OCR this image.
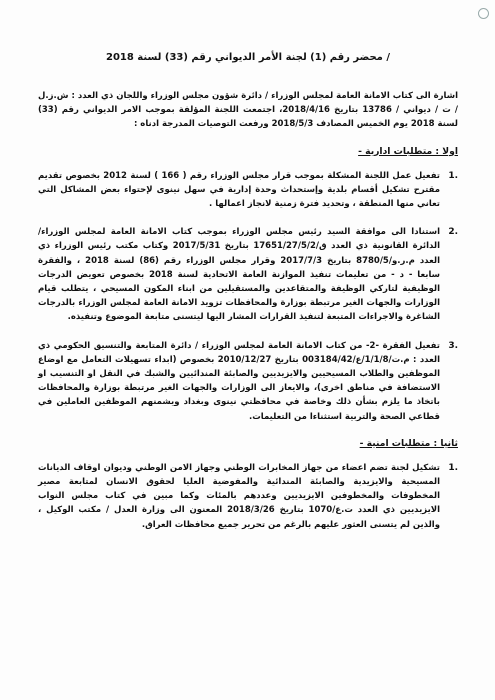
/ محضر رقم (1) لجنة الأمر الديواني رقم (33) لسنة 2018

اشارة الى كتاب الامانة العامة لمجلس الوزراء / دائرة شؤون مجلس الوزراء واللجان ذي العدد : ش.ز.ل / ت / ديواني / 13786 بتاريخ 2018/4/16، اجتمعت اللجنة المؤلفة بموجب الامر الديواني رقم (33) لسنة 2018 يوم الخميس المصادف 2018/5/3 ورفعت التوصيات المدرجة ادناه :

اولا : متطلبات ادارية -
.1

تفعيل عمل اللجنة المشكلة بموجب قرار مجلس الوزراء رقم ( 166 ) لسنة 2012 بخصوص تقديم مقترح تشكيل أقسام بلدية وإستحداث وحدة إدارية في سهل نينوى لإحتواء بعض المشاكل التي تعاني منها المنطقة ، وتحديد فترة زمنية لانجاز اعمالها .

.2

استنادا الى موافقة السيد رئيس مجلس الوزراء بموجب كتاب الامانة العامة لمجلس الوزراء/ الدائرة القانونية ذي العدد ق/17651/27/5/2 بتاريخ 2017/5/31 وكتاب مكتب رئيس الوزراء ذي العدد م.ر.و/8780/5 بتاريخ 2017/7/3 وقرار مجلس الوزراء رقم (86) لسنة 2018 ، والفقرة سابعا - د - من تعليمات تنفيذ الموازنة العامة الاتحادية لسنة 2018 بخصوص تعويض الدرجات الوظيفية لتاركي الوظيفة والمتقاعدين والمستقيلين من ابناء المكون المسيحي ، يتطلب قيام الوزارات والجهات الغير مرتبطة بوزارة والمحافظات تزويد الامانة العامة لمجلس الوزراء بالدرجات الشاغرة والاجراءات المتبعة لتنفيذ القرارات المشار اليها ليتسنى متابعة الموضوع وتنفيذه.

.3

تفعيل الفقرة -2- من كتاب الامانة العامة لمجلس الوزراء / دائرة المتابعة والتنسيق الحكومي ذي العدد : م.ت/1/1/8/ع/003184/42 بتاريخ 2010/12/27 بخصوص (ابداء تسهيلات التعامل مع اوضاع الموظفين والطلاب المسيحيين والايزيديين والصابئة المندائيين والشبك في النقل او التنسيب او الاستضافة في مناطق اخرى)، والايعاز الى الوزارات والجهات الغير مرتبطة بوزارة والمحافظات باتخاذ ما يلزم بشأن ذلك وخاصة في محافظتي نينوى وبغداد ويشمنهم الموظفين العاملين في قطاعي الصحة والتربية استثناءا من التعليمات.

ثانيا : متطلبات امنية -
.1

تشكيل لجنة تضم اعضاء من جهاز المخابرات الوطني وجهاز الامن الوطني وديوان اوقاف الديانات المسيحية والايزيدية والصابئة المندائية والمفوضية العليا لحقوق الانسان لمتابعة مصير المخطوفات والمخطوفين الايزيديين وعددهم بالمئات وكما مبين في كتاب مجلس النواب الايزيديين ذي العدد ت.ع/1070 بتاريخ 2018/3/26 المعنون الى وزارة العدل / مكتب الوكيل ، والذين لم يتسنى العثور عليهم بالرغم من تحرير جميع محافظات العراق.
